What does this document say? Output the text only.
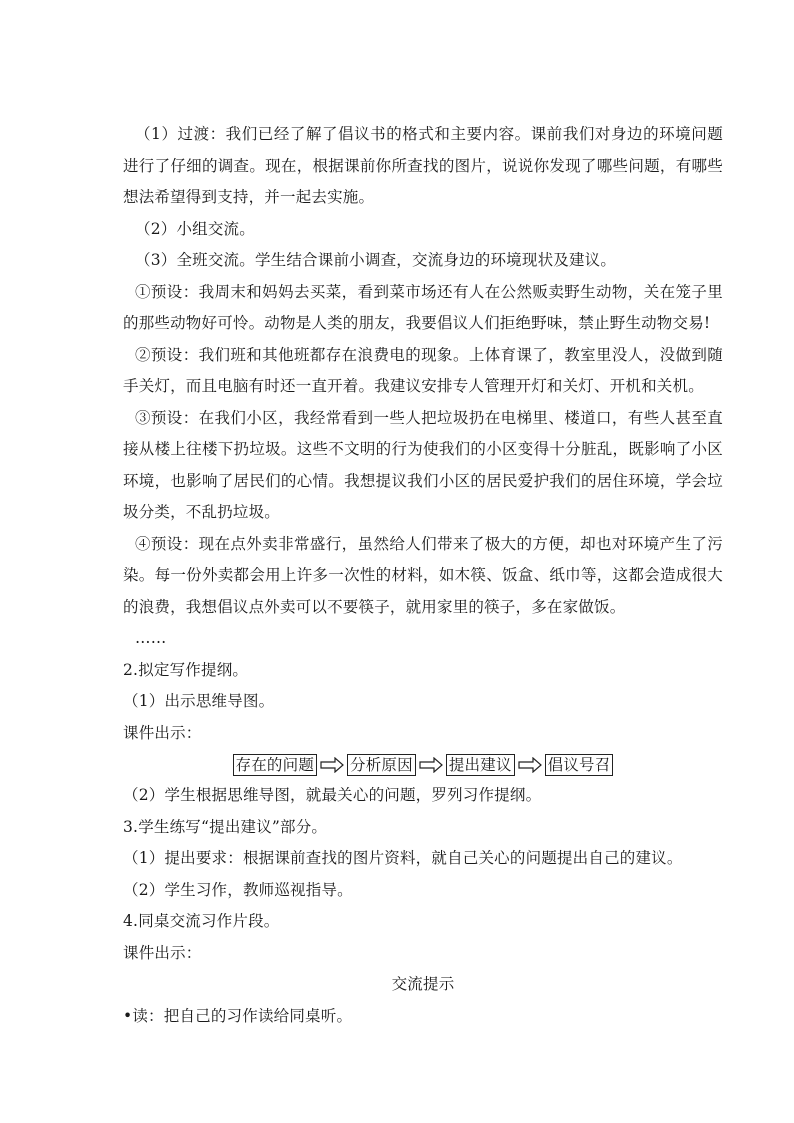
（1）过渡：我们已经了解了倡议书的格式和主要内容。课前我们对身边的环境问题进行了仔细的调查。现在，根据课前你所查找的图片，说说你发现了哪些问题，有哪些想法希望得到支持，并一起去实施。

（2）小组交流。

（3）全班交流。学生结合课前小调查，交流身边的环境现状及建议。

①预设：我周末和妈妈去买菜，看到菜市场还有人在公然贩卖野生动物，关在笼子里的那些动物好可怜。动物是人类的朋友，我要倡议人们拒绝野味，禁止野生动物交易!

②预设：我们班和其他班都存在浪费电的现象。上体育课了，教室里没人，没做到随手关灯，而且电脑有时还一直开着。我建议安排专人管理开灯和关灯、开机和关机。

③预设：在我们小区，我经常看到一些人把垃圾扔在电梯里、楼道口，有些人甚至直接从楼上往楼下扔垃圾。这些不文明的行为使我们的小区变得十分脏乱，既影响了小区环境，也影响了居民们的心情。我想提议我们小区的居民爱护我们的居住环境，学会垃圾分类，不乱扔垃圾。

④预设：现在点外卖非常盛行，虽然给人们带来了极大的方便，却也对环境产生了污染。每一份外卖都会用上许多一次性的材料，如木筷、饭盒、纸巾等，这都会造成很大的浪费，我想倡议点外卖可以不要筷子，就用家里的筷子，多在家做饭。

……

2.拟定写作提纲。

（1）出示思维导图。

课件出示：

存在的问题 分析原因 提出建议 倡议号召

（2）学生根据思维导图，就最关心的问题，罗列习作提纲。

3.学生练写“提出建议”部分。

（1）提出要求：根据课前查找的图片资料，就自己关心的问题提出自己的建议。

（2）学生习作，教师巡视指导。

4.同桌交流习作片段。

课件出示：

交流提示

•读：把自己的习作读给同桌听。
